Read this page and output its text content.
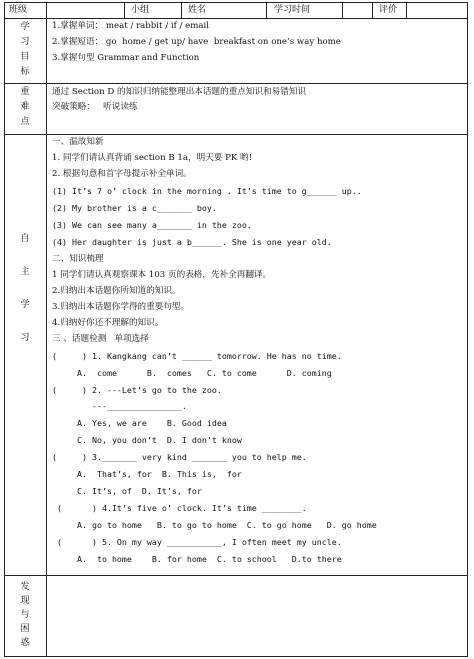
班级	小组	姓名	学习时间	评价
学
习
目
标
1.掌握单词： meat / rabbit / if / email
2.掌握短语： go  home / get up/ have  breakfast on one’s way home
3.掌握句型 Grammar and Function
重
难
点
通过 Section D 的知识归纳能整理出本话题的重点知识和易错知识
突破策略：   听说读练
自
主
学
习
一、温故知新
1. 同学们请认真背诵 section B 1a，明天要 PK 哟!
2. 根据句意和首字母提示补全单词。
(1) It’s 7 o’ clock in the morning . It’s time to g______ up..
(2) My brother is a c_______ boy.
(3) We can see many a_______ in the zoo.
(4) Her daughter is just a b______. She is one year old.
二、知识梳理
1 同学们请认真观察课本 103 页的表格，先补全再翻译。
2.归纳出本话题你所知道的知识。
3.归纳出本话题你学得的重要句型。
4.归纳好你还不理解的知识。
三 、话题检测   单项选择
(     ) 1. Kangkang can’t ______ tomorrow. He has no time.
A.  come      B.  comes   C. to come      D. coming
(     ) 2. ---Let’s go to the zoo.
---_______________.
A. Yes, we are    B. Good idea
C. No, you don’t  D. I don’t know
(     ) 3._______ very kind _______ you to help me.
A.  That’s, for  B. This is,  for
C. It’s, of  D. It’s, for
(      ) 4.It’s five o’ clock. It’s time ________.
A. go to home   B. to go to home  C. to go home   D. go home
(      ) 5. On my way ___________, I often meet my uncle.
A.  to home    B. for home  C. to school   D.to there
发
现
与
困
惑
